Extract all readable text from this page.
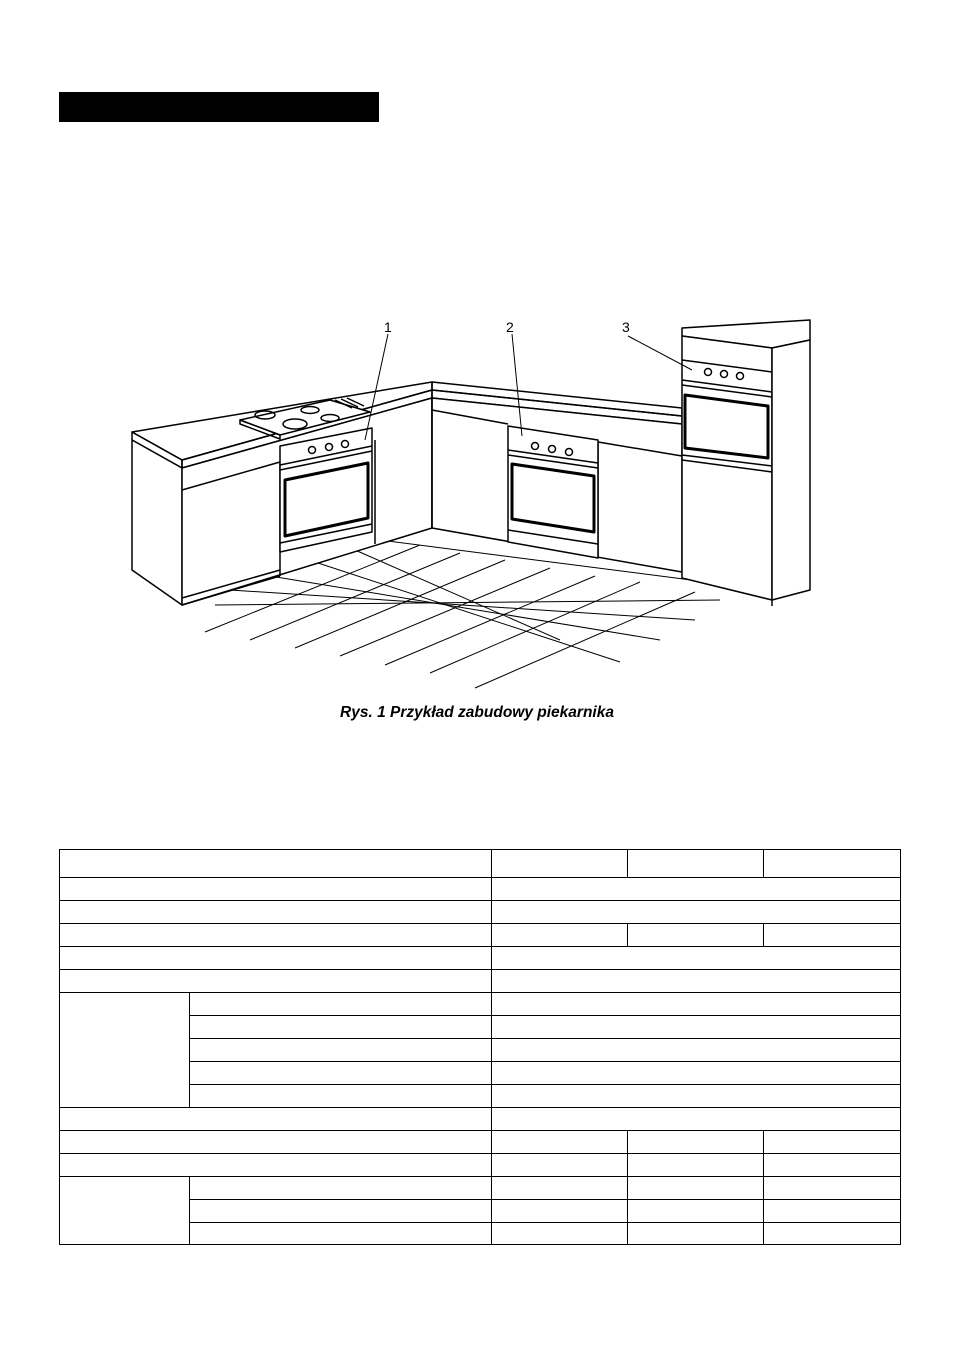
1	2	3
Rys. 1 Przykład zabudowy piekarnika
